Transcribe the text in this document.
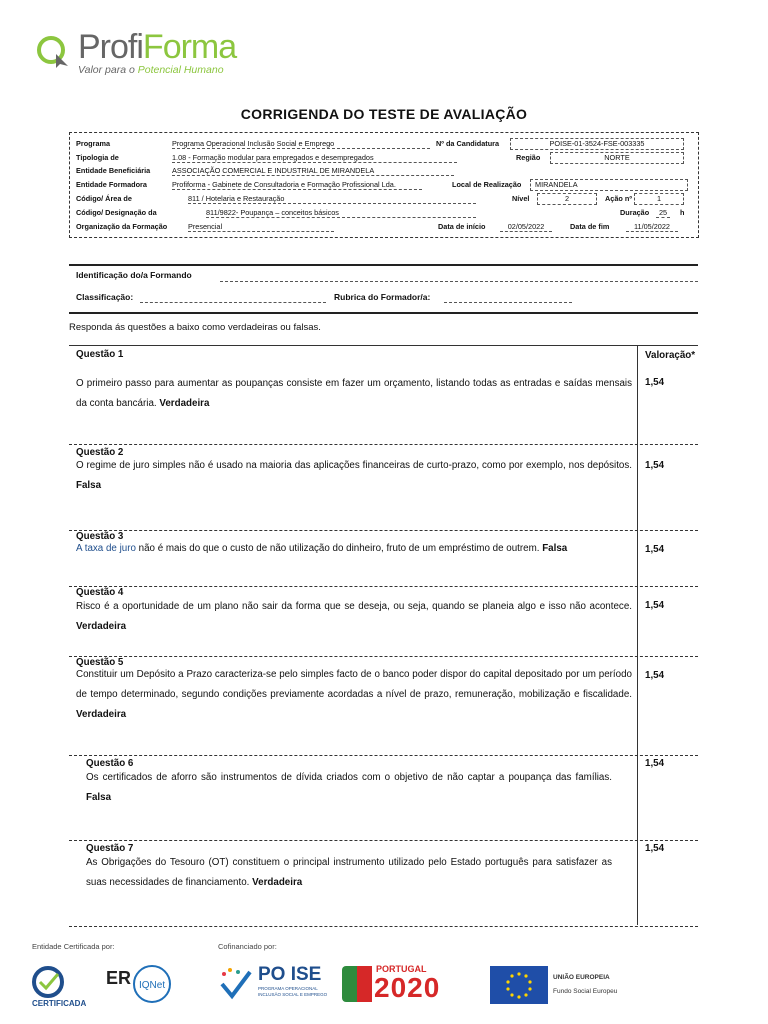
ProfiForma
Valor para o Potencial Humano
CORRIGENDA DO TESTE DE AVALIAÇÃO
Programa	Programa Operacional Inclusão Social e Emprego	Nº da Candidatura	POISE-01-3524-FSE-003335
Tipologia de	1.08 - Formação modular para empregados e desempregados	Região	NORTE
Entidade Beneficiária	ASSOCIAÇÃO COMERCIAL E INDUSTRIAL DE MIRANDELA
Entidade Formadora	Profiforma - Gabinete de Consultadoria e Formação Profissional Lda.	Local de Realização	MIRANDELA
Código/ Área de	811 / Hotelaria e Restauração	Nível	2	Ação nº	1
Código/ Designação da	811/9822- Poupança – conceitos básicos	Duração	25	h
Organização da Formação	Presencial	Data de início	02/05/2022	Data de fim	11/05/2022
Identificação do/a Formando
Classificação:	Rubrica do Formador/a:
Responda ás questões a baixo como verdadeiras ou falsas.
Valoração*
Questão 1
O primeiro passo para aumentar as poupanças consiste em fazer um orçamento, listando todas as entradas e saídas mensais da conta bancária. Verdadeira
1,54
Questão 2
O regime de juro simples não é usado na maioria das aplicações financeiras de curto-prazo, como por exemplo, nos depósitos. Falsa
1,54
Questão 3
A taxa de juro não é mais do que o custo de não utilização do dinheiro, fruto de um empréstimo de outrem. Falsa	1,54
Questão 4
Risco é a oportunidade de um plano não sair da forma que se deseja, ou seja, quando se planeia algo e isso não acontece. Verdadeira
1,54
Questão 5
Constituir um Depósito a Prazo caracteriza-se pelo simples facto de o banco poder dispor do capital depositado por um período de tempo determinado, segundo condições previamente acordadas a nível de prazo, remuneração, mobilização e fiscalidade. Verdadeira
1,54
Questão 6
Os certificados de aforro são instrumentos de dívida criados com o objetivo de não captar a poupança das famílias. Falsa
1,54
Questão 7
As Obrigações do Tesouro (OT) constituem o principal instrumento utilizado pelo Estado português para satisfazer as suas necessidades de financiamento. Verdadeira
1,54
Entidade Certificada por:	Cofinanciado por:
CERTIFICADA
ER IQNet
PO ISE
PROGRAMA OPERACIONAL INCLUSÃO SOCIAL E EMPREGO
PORTUGAL
2020	UNIÃO EUROPEIA
Fundo Social Europeu
